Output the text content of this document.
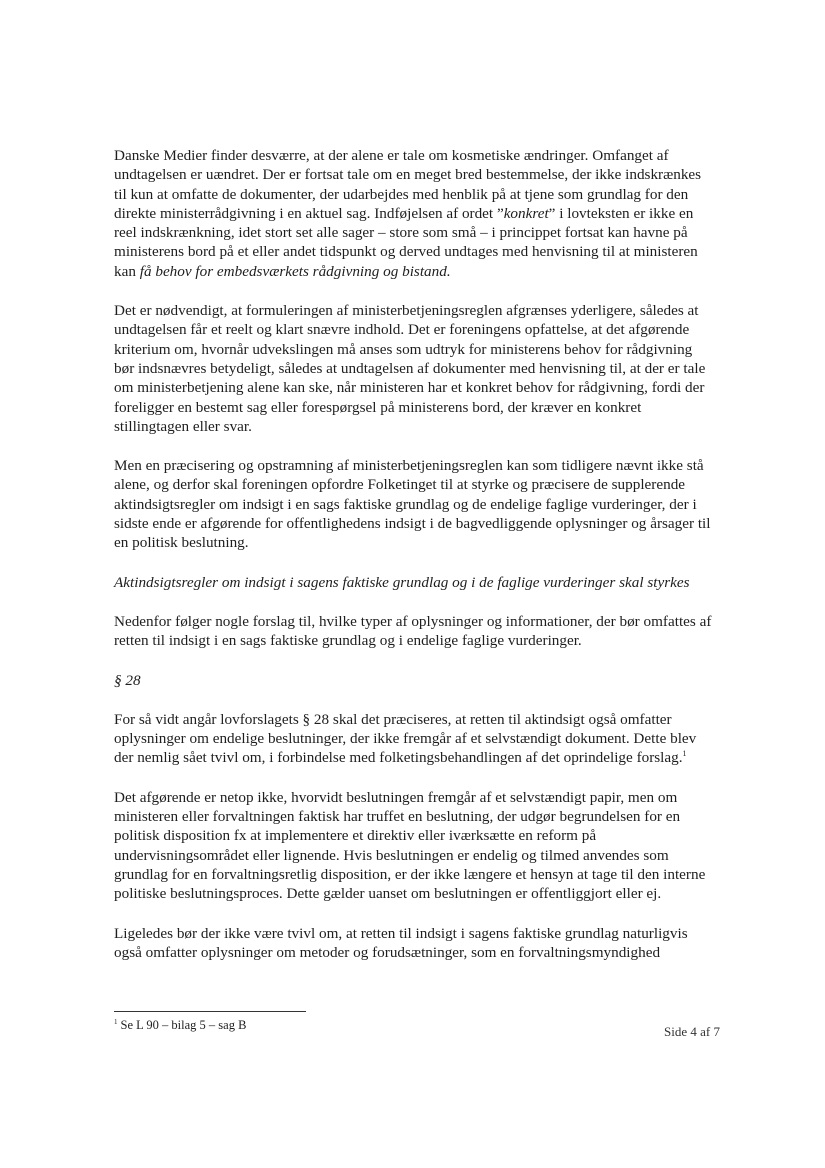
Danske Medier finder desværre, at der alene er tale om kosmetiske ændringer. Omfanget af undtagelsen er uændret. Der er fortsat tale om en meget bred bestemmelse, der ikke indskrænkes til kun at omfatte de dokumenter, der udarbejdes med henblik på at tjene som grundlag for den direkte ministerrådgivning i en aktuel sag. Indføjelsen af ordet ”konkret” i lovteksten er ikke en reel indskrænkning, idet stort set alle sager – store som små – i princippet fortsat kan havne på ministerens bord på et eller andet tidspunkt og derved undtages med henvisning til at ministeren kan få behov for embedsværkets rådgivning og bistand.

Det er nødvendigt, at formuleringen af ministerbetjeningsreglen afgrænses yderligere, således at undtagelsen får et reelt og klart snævre indhold. Det er foreningens opfattelse, at det afgørende kriterium om, hvornår udvekslingen må anses som udtryk for ministerens behov for rådgivning bør indsnævres betydeligt, således at undtagelsen af dokumenter med henvisning til, at der er tale om ministerbetjening alene kan ske, når ministeren har et konkret behov for rådgivning, fordi der foreligger en bestemt sag eller forespørgsel på ministerens bord, der kræver en konkret stillingtagen eller svar.

Men en præcisering og opstramning af ministerbetjeningsreglen kan som tidligere nævnt ikke stå alene, og derfor skal foreningen opfordre Folketinget til at styrke og præcisere de supplerende aktindsigtsregler om indsigt i en sags faktiske grundlag og de endelige faglige vurderinger, der i sidste ende er afgørende for offentlighedens indsigt i de bagvedliggende oplysninger og årsager til en politisk beslutning.

Aktindsigtsregler om indsigt i sagens faktiske grundlag og i de faglige vurderinger skal styrkes

Nedenfor følger nogle forslag til, hvilke typer af oplysninger og informationer, der bør omfattes af retten til indsigt i en sags faktiske grundlag og i endelige faglige vurderinger.

§ 28

For så vidt angår lovforslagets § 28 skal det præciseres, at retten til aktindsigt også omfatter oplysninger om endelige beslutninger, der ikke fremgår af et selvstændigt dokument. Dette blev der nemlig sået tvivl om, i forbindelse med folketingsbehandlingen af det oprindelige forslag.$^1$

Det afgørende er netop ikke, hvorvidt beslutningen fremgår af et selvstændigt papir, men om ministeren eller forvaltningen faktisk har truffet en beslutning, der udgør begrundelsen for en politisk disposition fx at implementere et direktiv eller iværksætte en reform på undervisningsområdet eller lignende. Hvis beslutningen er endelig og tilmed anvendes som grundlag for en forvaltningsretlig disposition, er der ikke længere et hensyn at tage til den interne politiske beslutningsproces. Dette gælder uanset om beslutningen er offentliggjort eller ej.

Ligeledes bør der ikke være tvivl om, at retten til indsigt i sagens faktiske grundlag naturligvis også omfatter oplysninger om metoder og forudsætninger, som en forvaltningsmyndighed

$^1$ Se L 90 – bilag 5 – sag B	Side 4 af 7
